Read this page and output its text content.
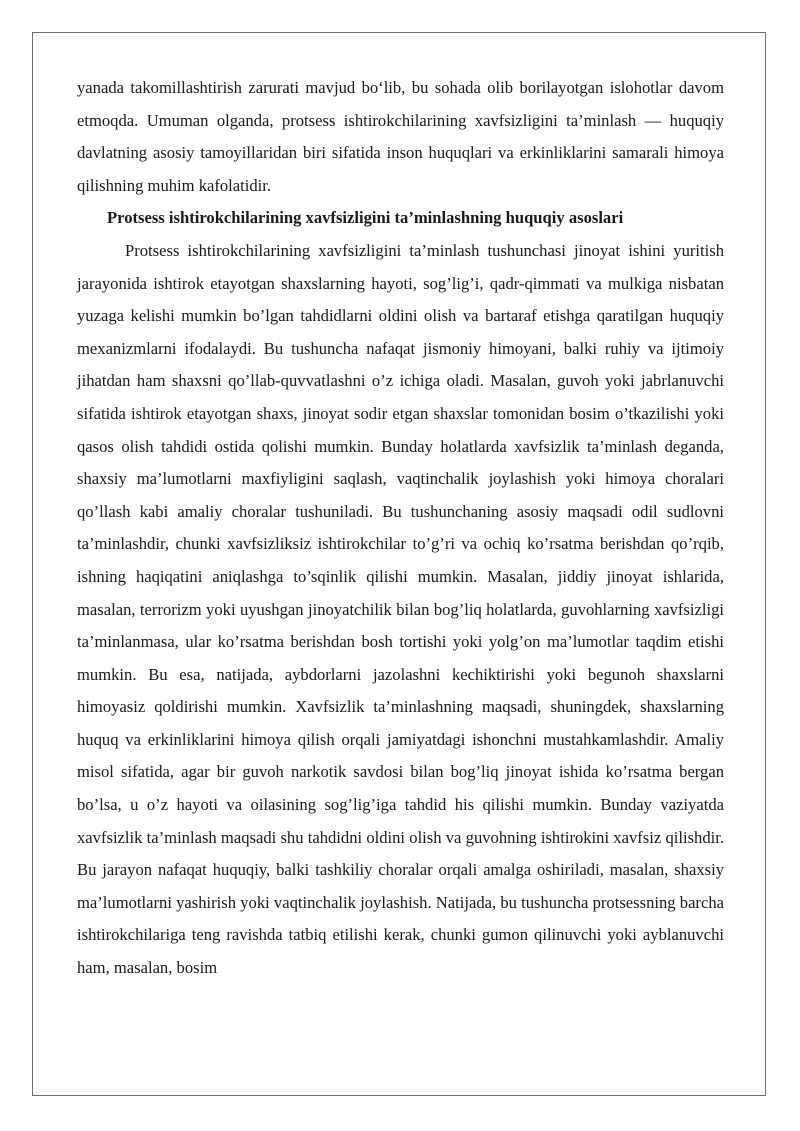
yanada takomillashtirish zarurati mavjud bo‘lib, bu sohada olib borilayotgan islohotlar davom etmoqda. Umuman olganda, protsess ishtirokchilarining xavfsizligini ta’minlash — huquqiy davlatning asosiy tamoyillaridan biri sifatida inson huquqlari va erkinliklarini samarali himoya qilishning muhim kafolatidir.

Protsess ishtirokchilarining xavfsizligini ta’minlashning huquqiy asoslari

Protsess ishtirokchilarining xavfsizligini ta’minlash tushunchasi jinoyat ishini yuritish jarayonida ishtirok etayotgan shaxslarning hayoti, sog’lig’i, qadr-qimmati va mulkiga nisbatan yuzaga kelishi mumkin bo’lgan tahdidlarni oldini olish va bartaraf etishga qaratilgan huquqiy mexanizmlarni ifodalaydi. Bu tushuncha nafaqat jismoniy himoyani, balki ruhiy va ijtimoiy jihatdan ham shaxsni qo’llab-quvvatlashni o’z ichiga oladi. Masalan, guvoh yoki jabrlanuvchi sifatida ishtirok etayotgan shaxs, jinoyat sodir etgan shaxslar tomonidan bosim o’tkazilishi yoki qasos olish tahdidi ostida qolishi mumkin. Bunday holatlarda xavfsizlik ta’minlash deganda, shaxsiy ma’lumotlarni maxfiyligini saqlash, vaqtinchalik joylashish yoki himoya choralari qo’llash kabi amaliy choralar tushuniladi. Bu tushunchaning asosiy maqsadi odil sudlovni ta’minlashdir, chunki xavfsizliksiz ishtirokchilar to’g’ri va ochiq ko’rsatma berishdan qo’rqib, ishning haqiqatini aniqlashga to’sqinlik qilishi mumkin. Masalan, jiddiy jinoyat ishlarida, masalan, terrorizm yoki uyushgan jinoyatchilik bilan bog’liq holatlarda, guvohlarning xavfsizligi ta’minlanmasa, ular ko’rsatma berishdan bosh tortishi yoki yolg’on ma’lumotlar taqdim etishi mumkin. Bu esa, natijada, aybdorlarni jazolashni kechiktirishi yoki begunoh shaxslarni himoyasiz qoldirishi mumkin. Xavfsizlik ta’minlashning maqsadi, shuningdek, shaxslarning huquq va erkinliklarini himoya qilish orqali jamiyatdagi ishonchni mustahkamlashdir. Amaliy misol sifatida, agar bir guvoh narkotik savdosi bilan bog’liq jinoyat ishida ko’rsatma bergan bo’lsa, u o’z hayoti va oilasining sog’lig’iga tahdid his qilishi mumkin. Bunday vaziyatda xavfsizlik ta’minlash maqsadi shu tahdidni oldini olish va guvohning ishtirokini xavfsiz qilishdir. Bu jarayon nafaqat huquqiy, balki tashkiliy choralar orqali amalga oshiriladi, masalan, shaxsiy ma’lumotlarni yashirish yoki vaqtinchalik joylashish. Natijada, bu tushuncha protsessning barcha ishtirokchilariga teng ravishda tatbiq etilishi kerak, chunki gumon qilinuvchi yoki ayblanuvchi ham, masalan, bosim
